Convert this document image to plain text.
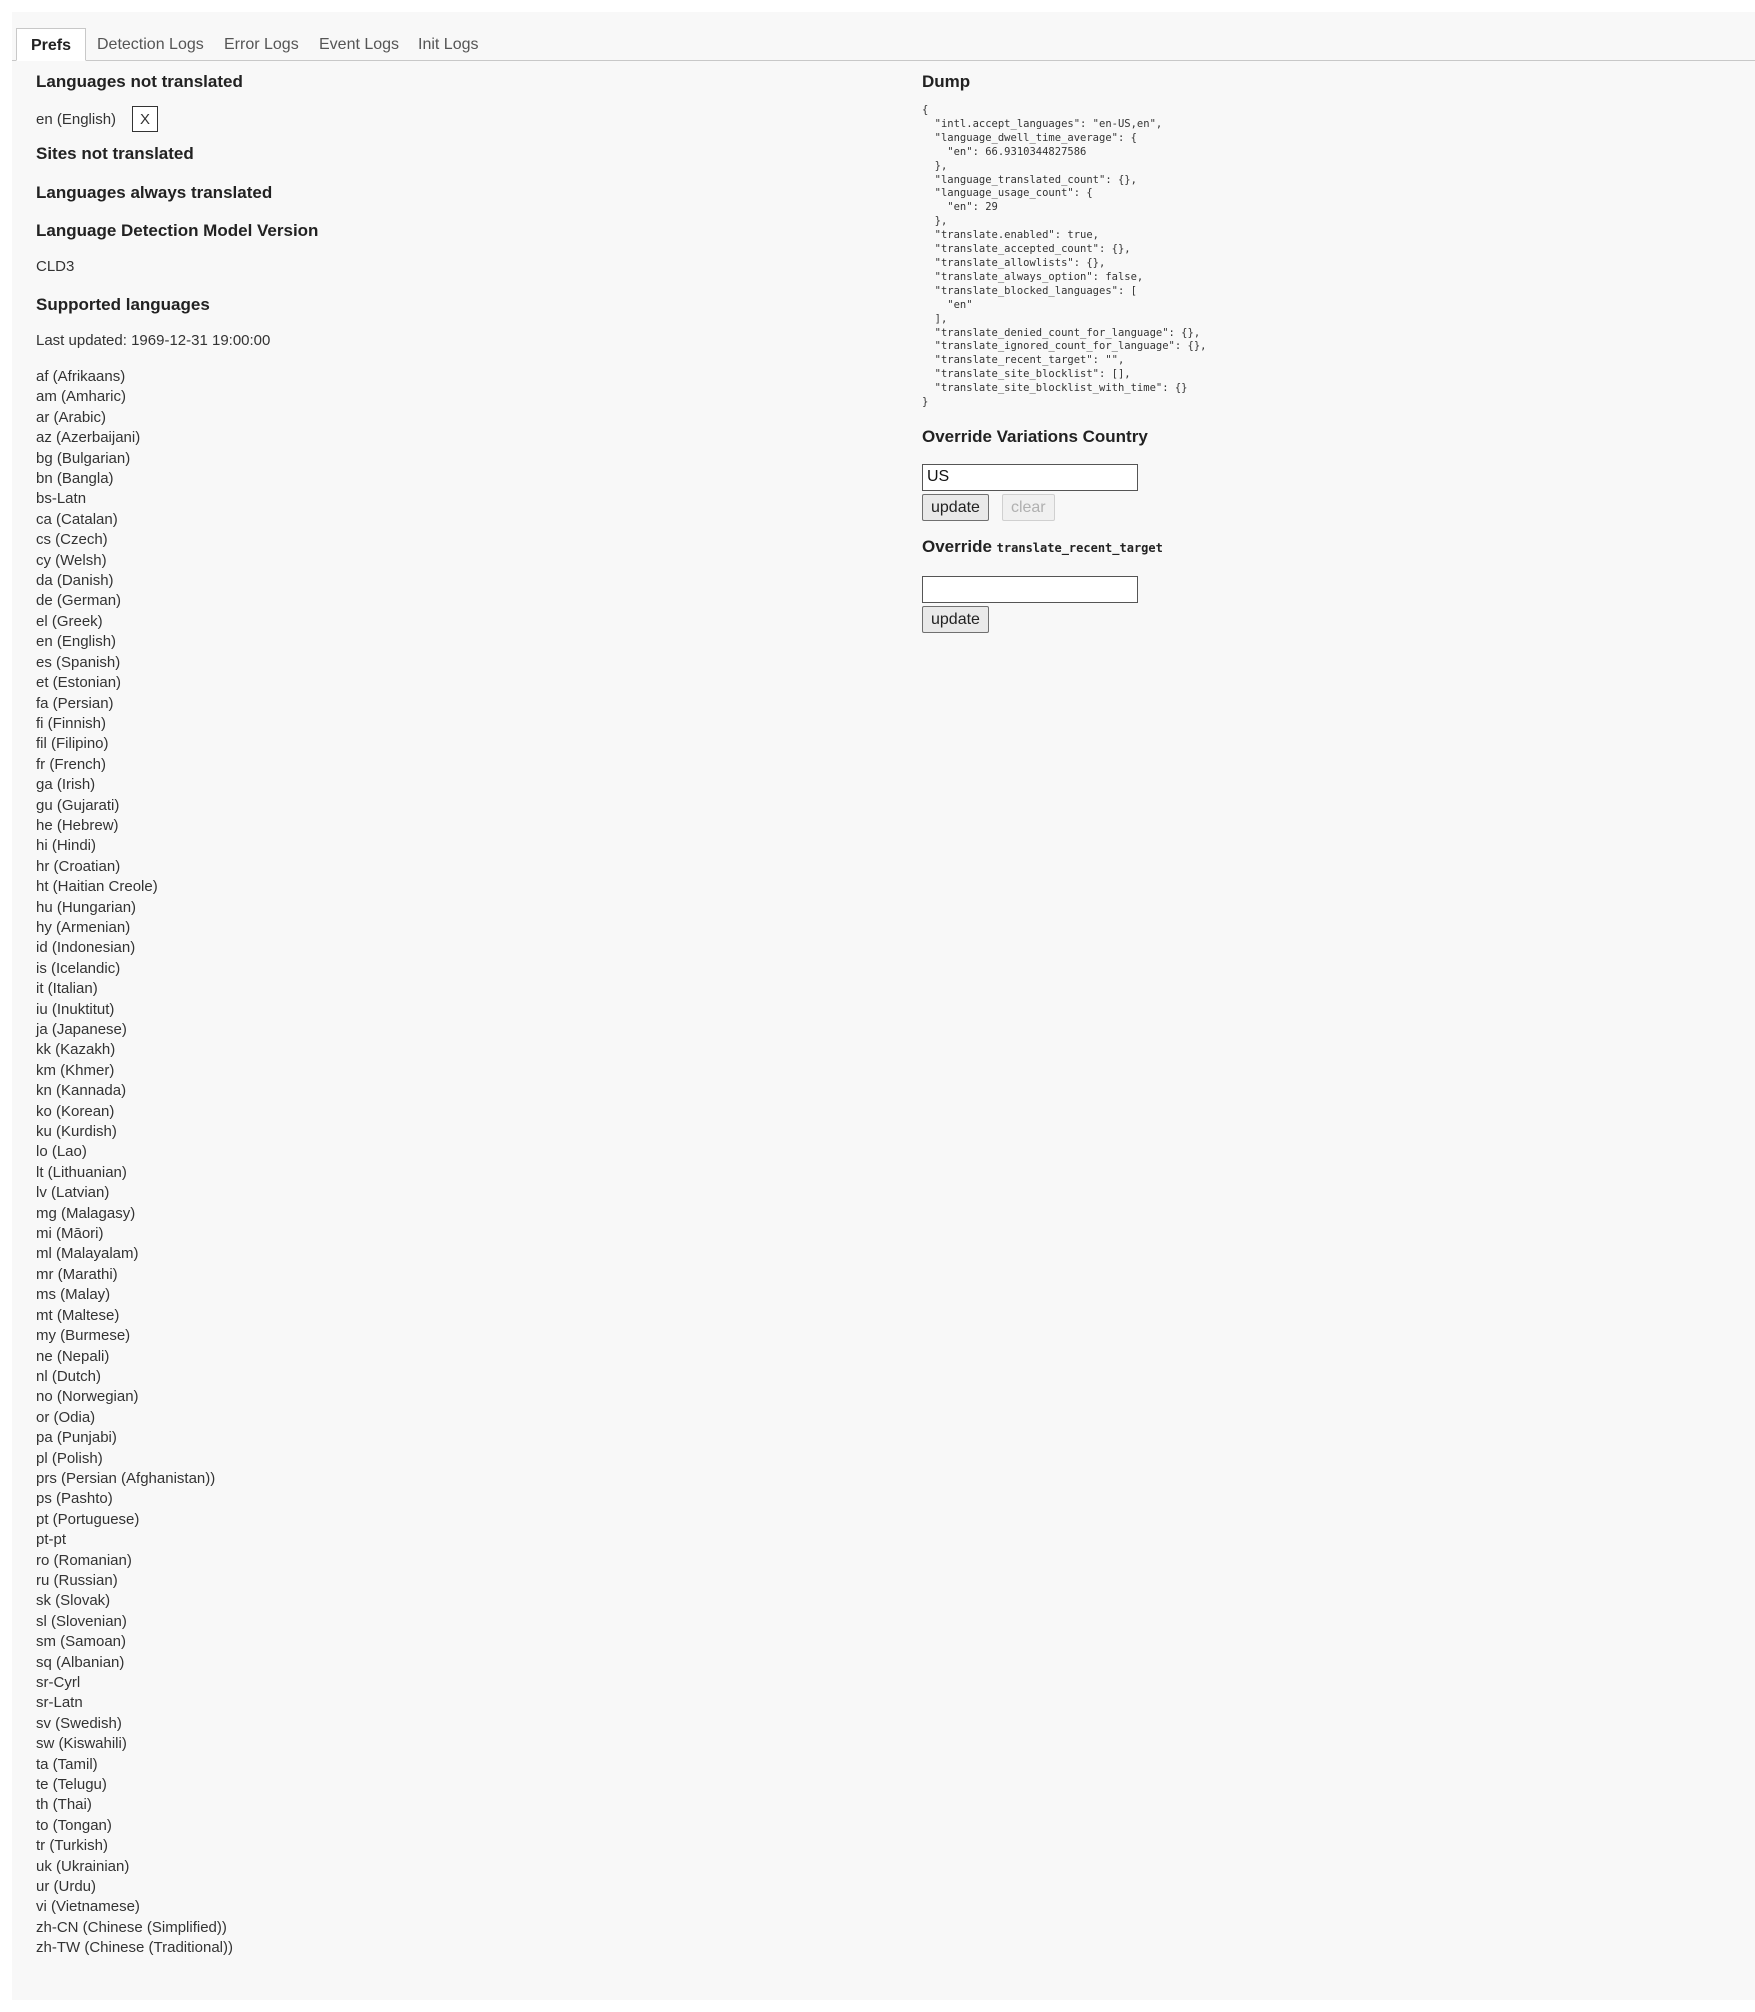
Prefs	Detection Logs Error Logs Event Logs Init Logs
Languages not translated
en (English)	X
Sites not translated
Languages always translated
Language Detection Model Version
CLD3
Supported languages
Last updated: 1969-12-31 19:00:00
af (Afrikaans)
am (Amharic)
ar (Arabic)
az (Azerbaijani)
bg (Bulgarian)
bn (Bangla)
bs-Latn
ca (Catalan)
cs (Czech)
cy (Welsh)
da (Danish)
de (German)
el (Greek)
en (English)
es (Spanish)
et (Estonian)
fa (Persian)
fi (Finnish)
fil (Filipino)
fr (French)
ga (Irish)
gu (Gujarati)
he (Hebrew)
hi (Hindi)
hr (Croatian)
ht (Haitian Creole)
hu (Hungarian)
hy (Armenian)
id (Indonesian)
is (Icelandic)
it (Italian)
iu (Inuktitut)
ja (Japanese)
kk (Kazakh)
km (Khmer)
kn (Kannada)
ko (Korean)
ku (Kurdish)
lo (Lao)
lt (Lithuanian)
lv (Latvian)
mg (Malagasy)
mi (Māori)
ml (Malayalam)
mr (Marathi)
ms (Malay)
mt (Maltese)
my (Burmese)
ne (Nepali)
nl (Dutch)
no (Norwegian)
or (Odia)
pa (Punjabi)
pl (Polish)
prs (Persian (Afghanistan))
ps (Pashto)
pt (Portuguese)
pt-pt
ro (Romanian)
ru (Russian)
sk (Slovak)
sl (Slovenian)
sm (Samoan)
sq (Albanian)
sr-Cyrl
sr-Latn
sv (Swedish)
sw (Kiswahili)
ta (Tamil)
te (Telugu)
th (Thai)
to (Tongan)
tr (Turkish)
uk (Ukrainian)
ur (Urdu)
vi (Vietnamese)
zh-CN (Chinese (Simplified))
zh-TW (Chinese (Traditional))
Dump
{
"intl.accept_languages": "en-US,en",
"language_dwell_time_average": {
"en": 66.9310344827586
},
"language_translated_count": {},
"language_usage_count": {
"en": 29
},
"translate.enabled": true,
"translate_accepted_count": {},
"translate_allowlists": {},
"translate_always_option": false,
"translate_blocked_languages": [
"en"
],
"translate_denied_count_for_language": {},
"translate_ignored_count_for_language": {},
"translate_recent_target": "",
"translate_site_blocklist": [],
"translate_site_blocklist_with_time": {}
}
Override Variations Country
US
update	clear
Override translate_recent_target
update
